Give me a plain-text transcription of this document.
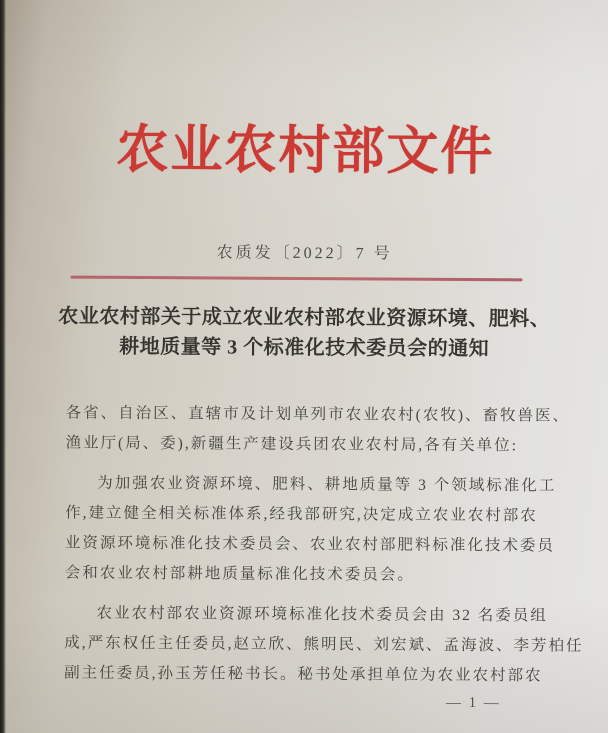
农业农村部文件
农质发〔2022〕7 号
农业农村部关于成立农业农村部农业资源环境、肥料、
耕地质量等 3 个标准化技术委员会的通知

各省、自治区、直辖市及计划单列市农业农村(农牧)、畜牧兽医、

渔业厅(局、委),新疆生产建设兵团农业农村局,各有关单位:

为加强农业资源环境、肥料、耕地质量等 3 个领域标准化工

作,建立健全相关标准体系,经我部研究,决定成立农业农村部农

业资源环境标准化技术委员会、农业农村部肥料标准化技术委员

会和农业农村部耕地质量标准化技术委员会。

农业农村部农业资源环境标准化技术委员会由 32 名委员组

成,严东权任主任委员,赵立欣、熊明民、刘宏斌、孟海波、李芳柏任

副主任委员,孙玉芳任秘书长。秘书处承担单位为农业农村部农

— 1 —
